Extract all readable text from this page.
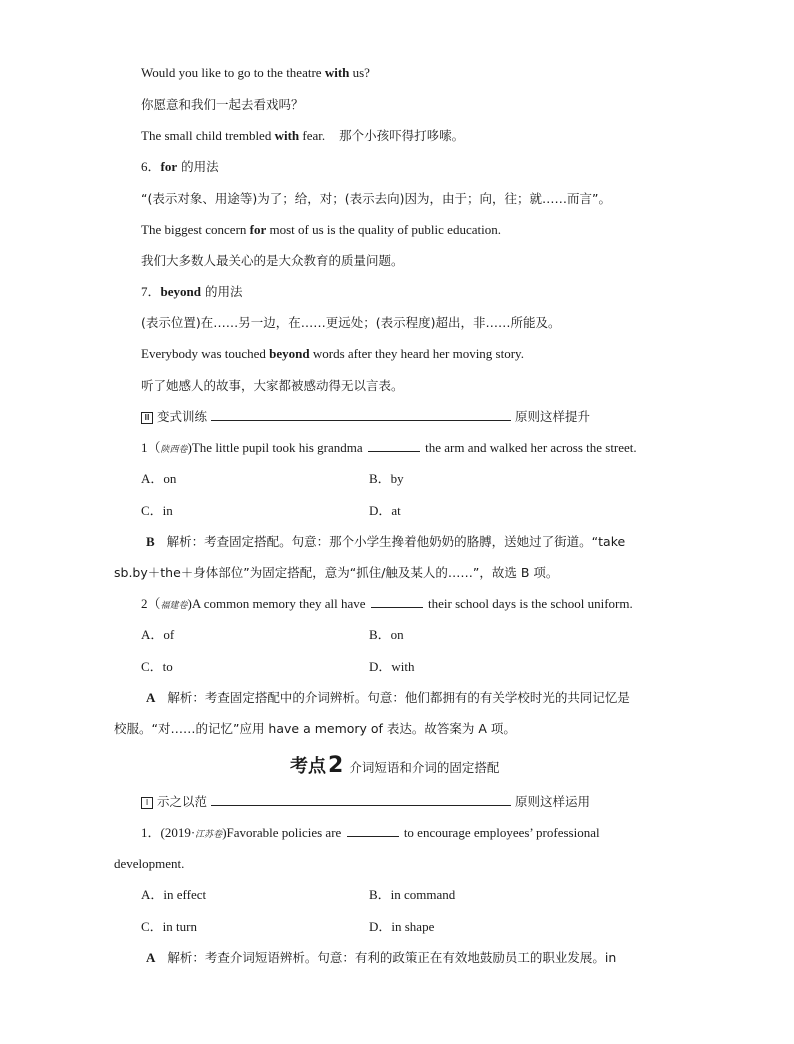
Would you like to go to the theatre with us?
你愿意和我们一起去看戏吗？
The small child trembled with fear. 那个小孩吓得打哆嗦。
6．for 的用法
“(表示对象、用途等)为了；给，对；(表示去向)因为，由于；向，往；就……而言”。
The biggest concern for most of us is the quality of public education.
我们大多数人最关心的是大众教育的质量问题。
7．beyond 的用法
(表示位置)在……另一边，在……更远处；(表示程度)超出，非……所能及。
Everybody was touched beyond words after they heard her moving story.
听了她感人的故事，大家都被感动得无以言表。
Ⅲ 变式训练	原则这样提升
1（陕西卷)The little pupil took his grandma	the arm and walked her across the street.
A．on	B．by
C．in	D．at
B 解析：考查固定搭配。句意：那个小学生搀着他奶奶的胳膊，送她过了街道。“take
sb.by＋the＋身体部位”为固定搭配，意为“抓住/触及某人的……”，故选 B 项。
2（福建卷)A common memory they all have	their school days is the school uniform.
A．of	B．on
C．to	D．with
A 解析：考查固定搭配中的介词辨析。句意：他们都拥有的有关学校时光的共同记忆是
校服。“对……的记忆”应用 have a memory of 表达。故答案为 A 项。
考点2 介词短语和介词的固定搭配
Ⅰ 示之以范	原则这样运用
1．(2019·江苏卷)Favorable policies are	to encourage employees’ professional
development.
A．in effect	B．in command
C．in turn	D．in shape
A 解析：考查介词短语辨析。句意：有利的政策正在有效地鼓励员工的职业发展。in
